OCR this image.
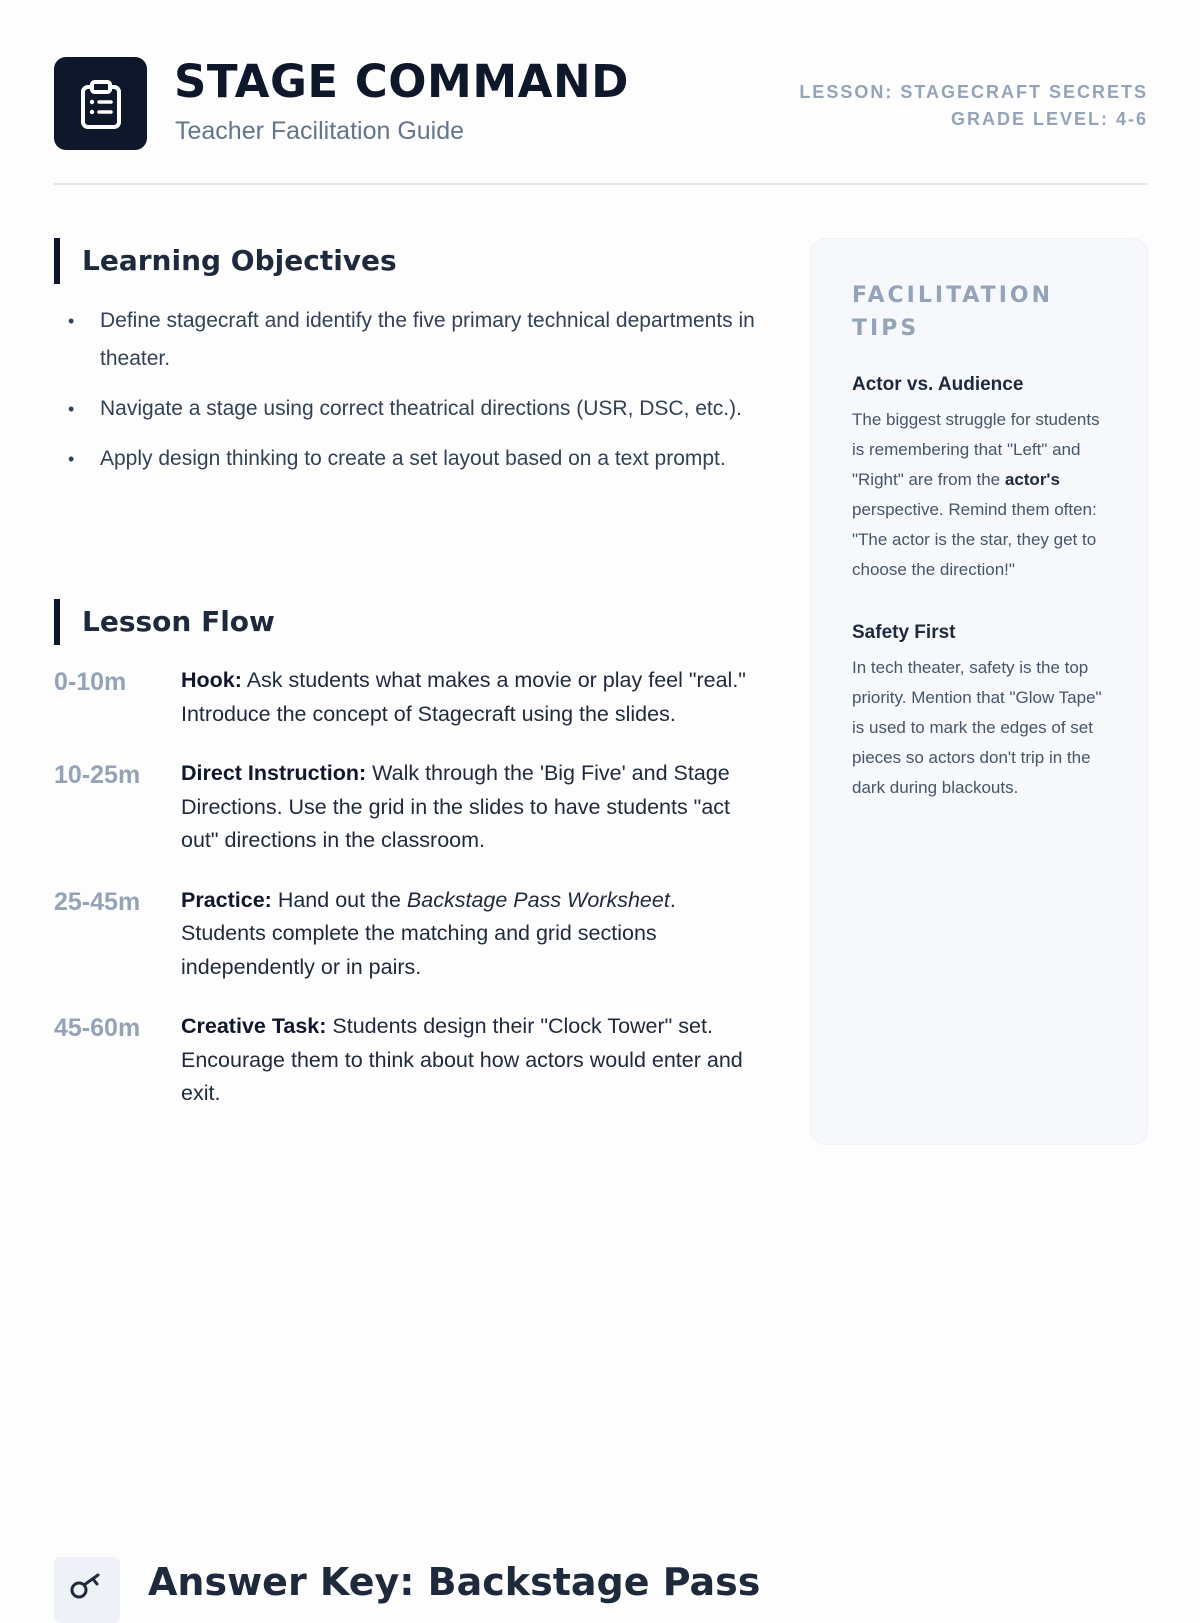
STAGE COMMAND
Teacher Facilitation Guide
LESSON: STAGECRAFT SECRETS
GRADE LEVEL: 4-6
Learning Objectives
• Define stagecraft and identify the five primary technical departments in theater.
• Navigate a stage using correct theatrical directions (USR, DSC, etc.).
• Apply design thinking to create a set layout based on a text prompt.
Lesson Flow
0-10m	Hook: Ask students what makes a movie or play feel "real." Introduce the concept of Stagecraft using the slides.
10-25m	Direct Instruction: Walk through the 'Big Five' and Stage Directions. Use the grid in the slides to have students "act out" directions in the classroom.
25-45m	Practice: Hand out the Backstage Pass Worksheet. Students complete the matching and grid sections independently or in pairs.
45-60m	Creative Task: Students design their "Clock Tower" set. Encourage them to think about how actors would enter and exit.
FACILITATION TIPS
Actor vs. Audience
The biggest struggle for students is remembering that "Left" and "Right" are from the actor's perspective. Remind them often: "The actor is the star, they get to choose the direction!"
Safety First
In tech theater, safety is the top priority. Mention that "Glow Tape" is used to mark the edges of set pieces so actors don't trip in the dark during blackouts.
Answer Key: Backstage Pass
